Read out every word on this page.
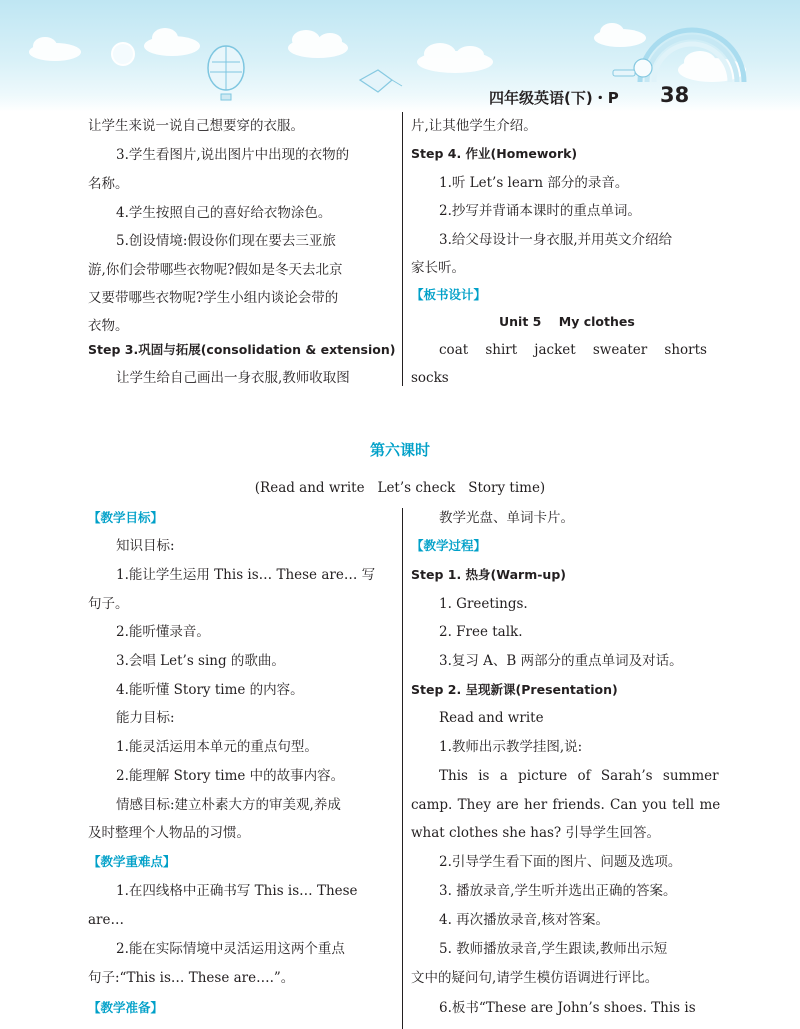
四年级英语(下)・P 38
让学生来说一说自己想要穿的衣服。
3.学生看图片,说出图片中出现的衣物的
名称。
4.学生按照自己的喜好给衣物涂色。
5.创设情境:假设你们现在要去三亚旅
游,你们会带哪些衣物呢?假如是冬天去北京
又要带哪些衣物呢?学生小组内谈论会带的
衣物。
Step 3.巩固与拓展(consolidation & extension)
让学生给自己画出一身衣服,教师收取图
片,让其他学生介绍。
Step 4. 作业(Homework)
1.听 Let’s learn 部分的录音。
2.抄写并背诵本课时的重点单词。
3.给父母设计一身衣服,并用英文介绍给
家长听。
【板书设计】
Unit 5    My clothes
coat    shirt    jacket    sweater    shorts
socks
第六课时
(Read and write   Let’s check   Story time)
【教学目标】
知识目标:
1.能让学生运用 This is… These are… 写
句子。
2.能听懂录音。
3.会唱 Let’s sing 的歌曲。
4.能听懂 Story time 的内容。
能力目标:
1.能灵活运用本单元的重点句型。
2.能理解 Story time 中的故事内容。
情感目标:建立朴素大方的审美观,养成
及时整理个人物品的习惯。
【教学重难点】
1.在四线格中正确书写 This is… These
are…
2.能在实际情境中灵活运用这两个重点
句子:“This is… These are….”。
【教学准备】
教学光盘、单词卡片。
【教学过程】
Step 1. 热身(Warm-up)
1. Greetings.
2. Free talk.
3.复习 A、B 两部分的重点单词及对话。
Step 2. 呈现新课(Presentation)
Read and write
1.教师出示教学挂图,说:
This is a picture of Sarah’s summer
camp. They are her friends. Can you tell me
what clothes she has? 引导学生回答。
2.引导学生看下面的图片、问题及选项。
3. 播放录音,学生听并选出正确的答案。
4. 再次播放录音,核对答案。
5. 教师播放录音,学生跟读,教师出示短
文中的疑问句,请学生模仿语调进行评比。
6.板书“These are John’s shoes. This is
